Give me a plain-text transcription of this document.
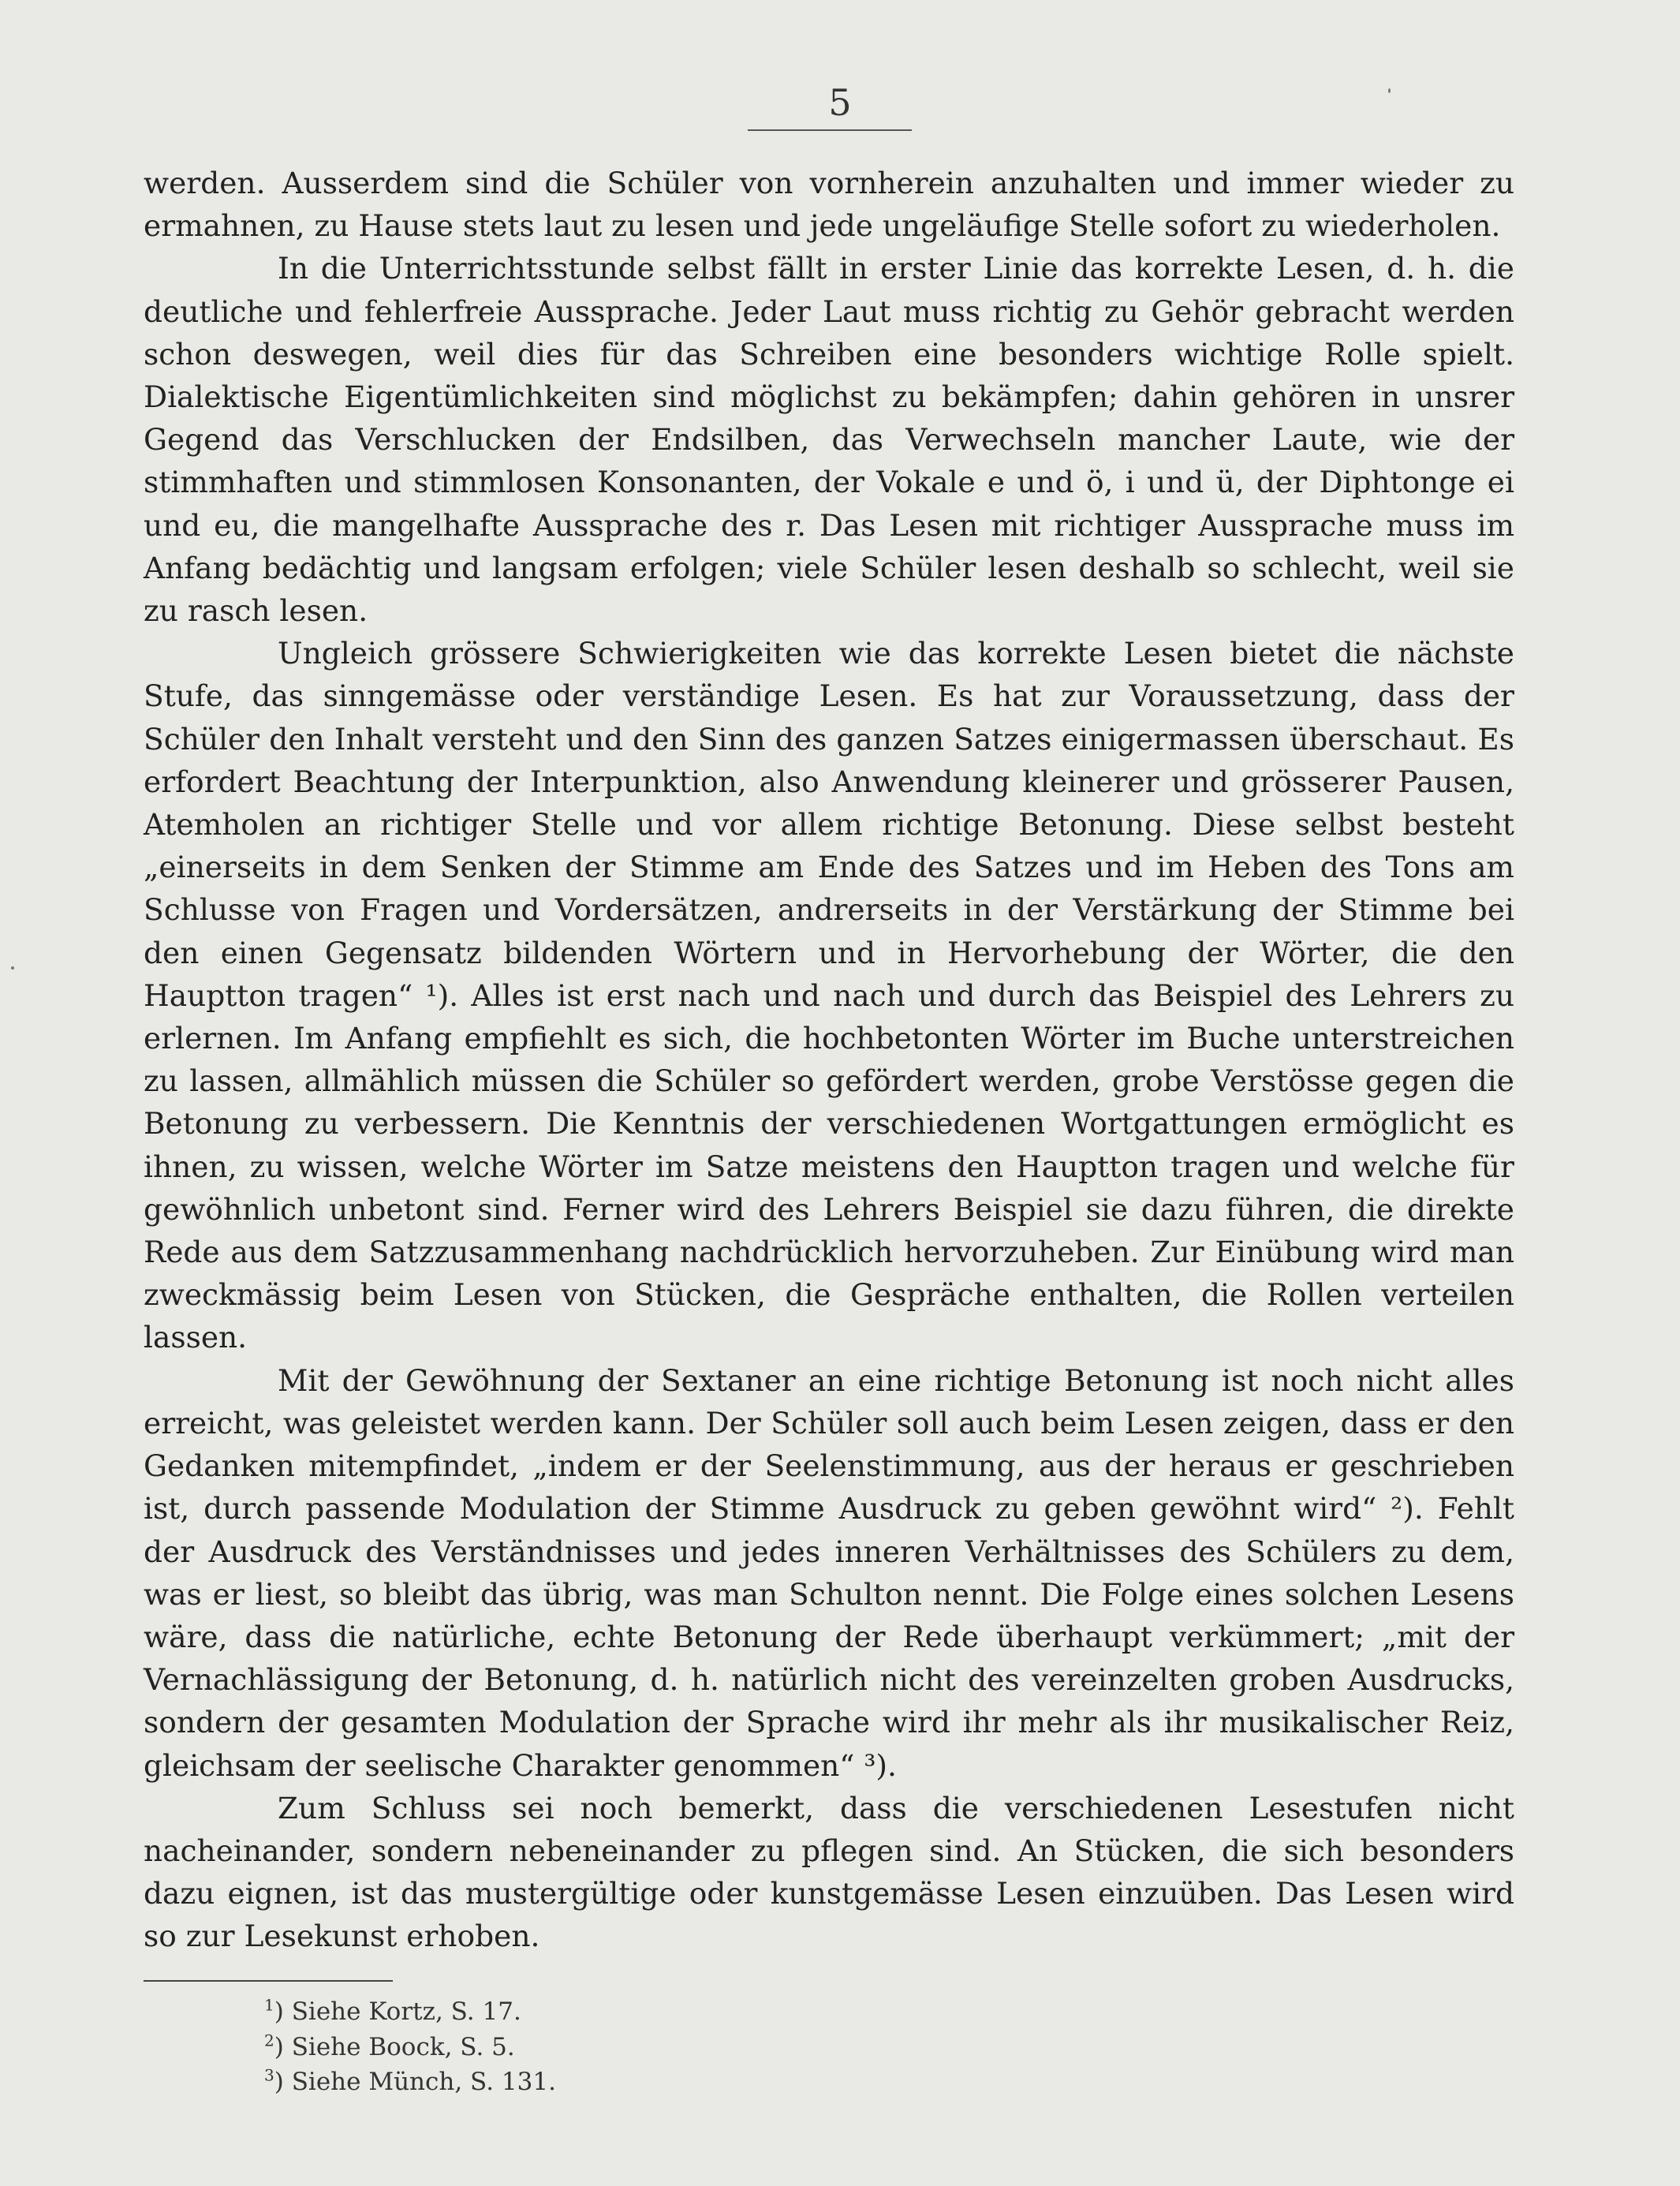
5

werden. Ausserdem sind die Schüler von vornherein anzuhalten und immer wieder zu ermahnen, zu Hause stets laut zu lesen und jede ungeläufige Stelle sofort zu wiederholen.

In die Unterrichtsstunde selbst fällt in erster Linie das korrekte Lesen, d. h. die deutliche und fehlerfreie Aussprache. Jeder Laut muss richtig zu Gehör gebracht werden schon deswegen, weil dies für das Schreiben eine besonders wichtige Rolle spielt. Dialektische Eigentümlichkeiten sind möglichst zu bekämpfen; dahin gehören in unsrer Gegend das Verschlucken der Endsilben, das Verwechseln mancher Laute, wie der stimmhaften und stimmlosen Konsonanten, der Vokale e und ö, i und ü, der Diphtonge ei und eu, die mangelhafte Aussprache des r. Das Lesen mit richtiger Aussprache muss im Anfang bedächtig und langsam erfolgen; viele Schüler lesen deshalb so schlecht, weil sie zu rasch lesen.

Ungleich grössere Schwierigkeiten wie das korrekte Lesen bietet die nächste Stufe, das sinngemässe oder verständige Lesen. Es hat zur Voraussetzung, dass der Schüler den Inhalt versteht und den Sinn des ganzen Satzes einigermassen überschaut. Es erfordert Beachtung der Interpunktion, also Anwendung kleinerer und grösserer Pausen, Atemholen an richtiger Stelle und vor allem richtige Betonung. Diese selbst besteht „einerseits in dem Senken der Stimme am Ende des Satzes und im Heben des Tons am Schlusse von Fragen und Vordersätzen, andrerseits in der Verstärkung der Stimme bei den einen Gegensatz bildenden Wörtern und in Hervorhebung der Wörter, die den Hauptton tragen“ ¹). Alles ist erst nach und nach und durch das Beispiel des Lehrers zu erlernen. Im Anfang empfiehlt es sich, die hochbetonten Wörter im Buche unterstreichen zu lassen, allmählich müssen die Schüler so gefördert werden, grobe Verstösse gegen die Betonung zu verbessern. Die Kenntnis der verschiedenen Wortgattungen ermöglicht es ihnen, zu wissen, welche Wörter im Satze meistens den Hauptton tragen und welche für gewöhnlich unbetont sind. Ferner wird des Lehrers Beispiel sie dazu führen, die direkte Rede aus dem Satzzusammenhang nachdrücklich hervorzuheben. Zur Einübung wird man zweckmässig beim Lesen von Stücken, die Gespräche enthalten, die Rollen verteilen lassen.

Mit der Gewöhnung der Sextaner an eine richtige Betonung ist noch nicht alles erreicht, was geleistet werden kann. Der Schüler soll auch beim Lesen zeigen, dass er den Gedanken mitempfindet, „indem er der Seelenstimmung, aus der heraus er geschrieben ist, durch passende Modulation der Stimme Ausdruck zu geben gewöhnt wird“ ²). Fehlt der Ausdruck des Verständnisses und jedes inneren Verhältnisses des Schülers zu dem, was er liest, so bleibt das übrig, was man Schulton nennt. Die Folge eines solchen Lesens wäre, dass die natürliche, echte Betonung der Rede überhaupt verkümmert; „mit der Vernachlässigung der Betonung, d. h. natürlich nicht des vereinzelten groben Ausdrucks, sondern der gesamten Modulation der Sprache wird ihr mehr als ihr musikalischer Reiz, gleichsam der seelische Charakter genommen“ ³).

Zum Schluss sei noch bemerkt, dass die verschiedenen Lesestufen nicht nacheinander, sondern nebeneinander zu pflegen sind. An Stücken, die sich besonders dazu eignen, ist das mustergültige oder kunstgemässe Lesen einzuüben. Das Lesen wird so zur Lesekunst erhoben.

$^1$) Siehe Kortz, S. 17.
$^2$) Siehe Boock, S. 5.
$^3$) Siehe Münch, S. 131.
